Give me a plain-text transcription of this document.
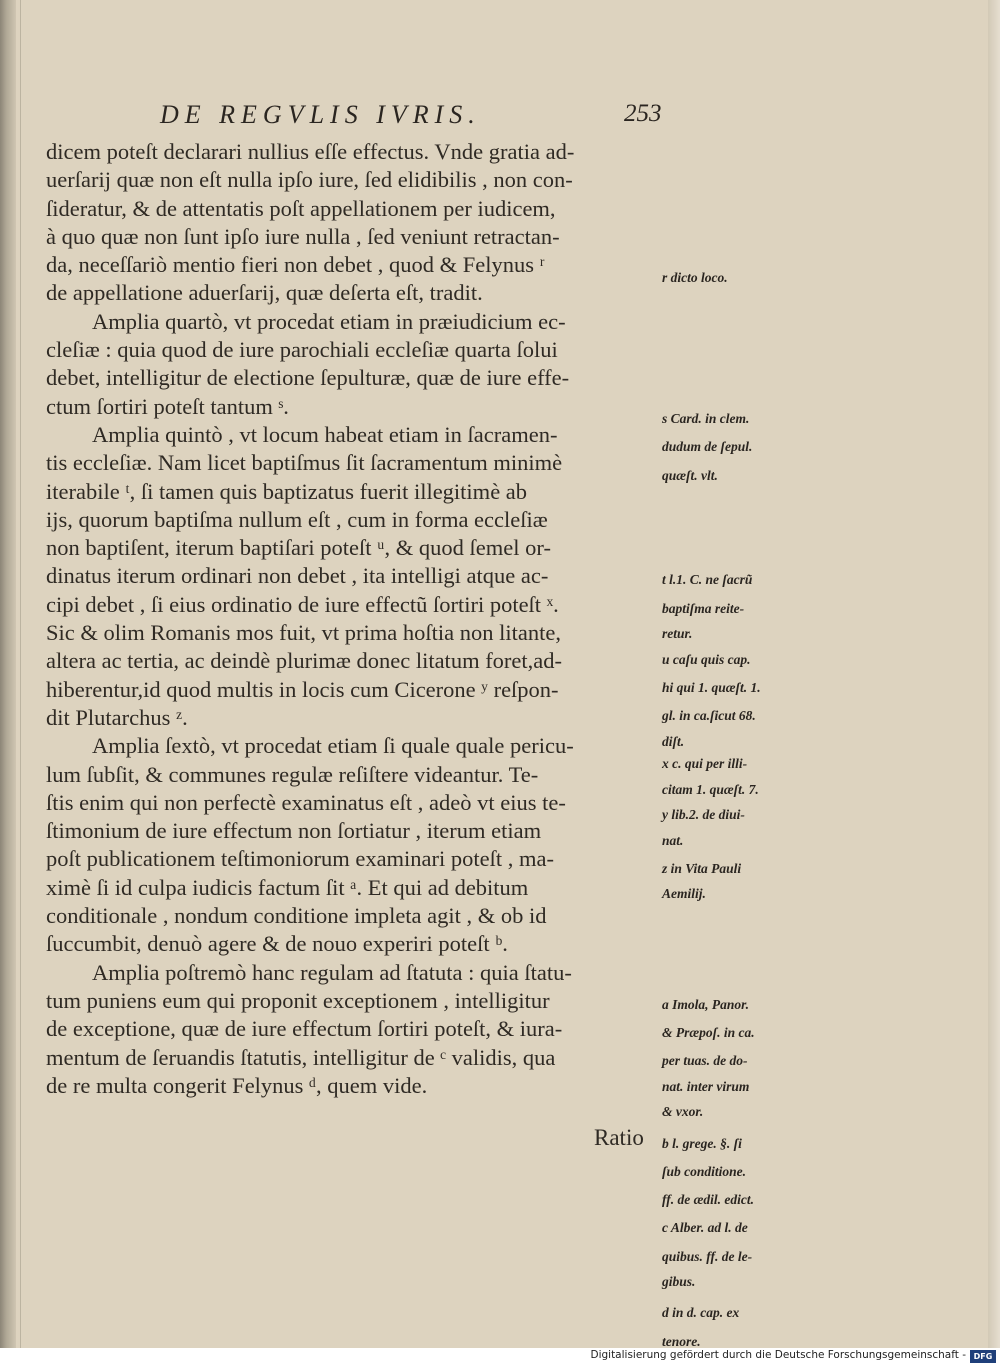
DE REGVLIS IVRIS.	253
dicem poteſt declarari nullius eſſe effectus. Vnde gratia ad-
uerſarij quæ non eſt nulla ipſo iure, ſed elidibilis , non con-
ſideratur, & de attentatis poſt appellationem per iudicem,
à quo quæ non ſunt ipſo iure nulla , ſed veniunt retractan-
da, neceſſariò mentio fieri non debet , quod & Felynus ʳ
de appellatione aduerſarij, quæ deſerta eſt, tradit.
Amplia quartò, vt procedat etiam in præiudicium ec-
cleſiæ : quia quod de iure parochiali eccleſiæ quarta ſolui
debet, intelligitur de electione ſepulturæ, quæ de iure effe-
ctum ſortiri poteſt tantum ˢ.
Amplia quintò , vt locum habeat etiam in ſacramen-
tis eccleſiæ. Nam licet baptiſmus ſit ſacramentum minimè
iterabile ᵗ, ſi tamen quis baptizatus fuerit illegitimè ab
ijs, quorum baptiſma nullum eſt , cum in forma eccleſiæ
non baptiſent, iterum baptiſari poteſt ᵘ, & quod ſemel or-
dinatus iterum ordinari non debet , ita intelligi atque ac-
cipi debet , ſi eius ordinatio de iure effectũ ſortiri poteſt ˣ.
Sic & olim Romanis mos fuit, vt prima hoſtia non litante,
altera ac tertia, ac deindè plurimæ donec litatum foret,ad-
hiberentur,id quod multis in locis cum Cicerone ʸ reſpon-
dit Plutarchus ᶻ.
Amplia ſextò, vt procedat etiam ſi quale quale pericu-
lum ſubſit, & communes regulæ reſiſtere videantur. Te-
ſtis enim qui non perfectè examinatus eſt , adeò vt eius te-
ſtimonium de iure effectum non ſortiatur , iterum etiam
poſt publicationem teſtimoniorum examinari poteſt , ma-
ximè ſi id culpa iudicis factum ſit ᵃ. Et qui ad debitum
conditionale , nondum conditione impleta agit , & ob id
ſuccumbit, denuò agere & de nouo experiri poteſt ᵇ.
Amplia poſtremò hanc regulam ad ſtatuta : quia ſtatu-
tum puniens eum qui proponit exceptionem , intelligitur
de exceptione, quæ de iure effectum ſortiri poteſt, & iura-
mentum de ſeruandis ſtatutis, intelligitur de ᶜ validis, qua
de re multa congerit Felynus ᵈ, quem vide.
r dicto loco.
s Card. in clem.
dudum de ſepul.
quæſt. vlt.
t l.1. C. ne ſacrũ
baptiſma reite-
retur.
u caſu quis cap.
hi qui 1. quæſt. 1.
gl. in ca.ſicut 68.
diſt.
x c. qui per illi-
citam 1. quæſt. 7.
y lib.2. de diui-
nat.
z in Vita Pauli
Aemilij.
a Imola, Panor.
& Præpoſ. in ca.
per tuas. de do-
nat. inter virum
& vxor.
b l. grege. §. ſi
ſub conditione.
ff. de ædil. edict.
c Alber. ad l. de
quibus. ff. de le-
gibus.
d in d. cap. ex
tenore.
Ratio
Digitalisierung gefördert durch die Deutsche Forschungsgemeinschaft - DFG
